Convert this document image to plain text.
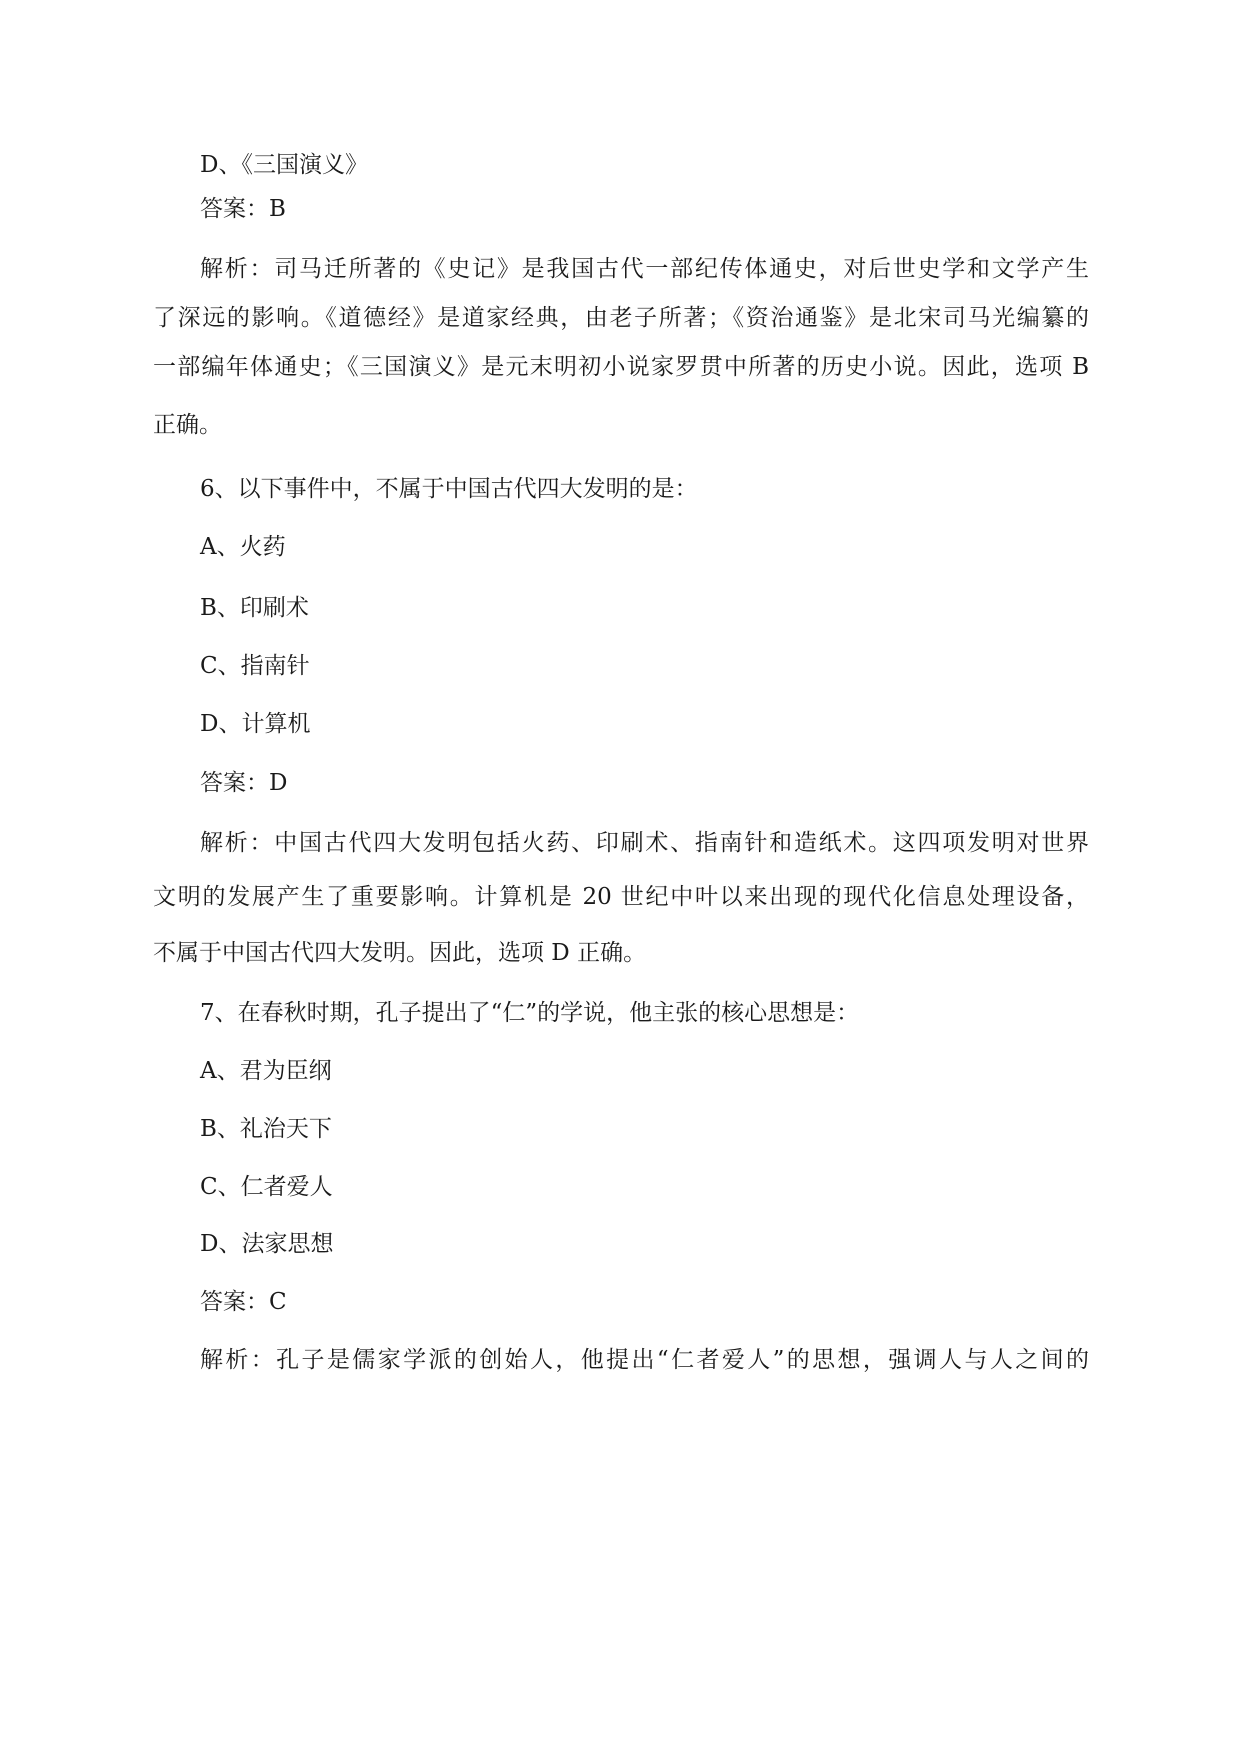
D、《三国演义》

答案：B

解析：司马迁所著的《史记》是我国古代一部纪传体通史，对后世史学和文学产生

了深远的影响。《道德经》是道家经典，由老子所著；《资治通鉴》是北宋司马光编纂的

一部编年体通史；《三国演义》是元末明初小说家罗贯中所著的历史小说。因此，选项 B

正确。

6、以下事件中，不属于中国古代四大发明的是：

A、火药

B、印刷术

C、指南针

D、计算机

答案：D

解析：中国古代四大发明包括火药、印刷术、指南针和造纸术。这四项发明对世界

文明的发展产生了重要影响。计算机是 20 世纪中叶以来出现的现代化信息处理设备，

不属于中国古代四大发明。因此，选项 D 正确。

7、在春秋时期，孔子提出了“仁”的学说，他主张的核心思想是：

A、君为臣纲

B、礼治天下

C、仁者爱人

D、法家思想

答案：C

解析：孔子是儒家学派的创始人，他提出“仁者爱人”的思想，强调人与人之间的
